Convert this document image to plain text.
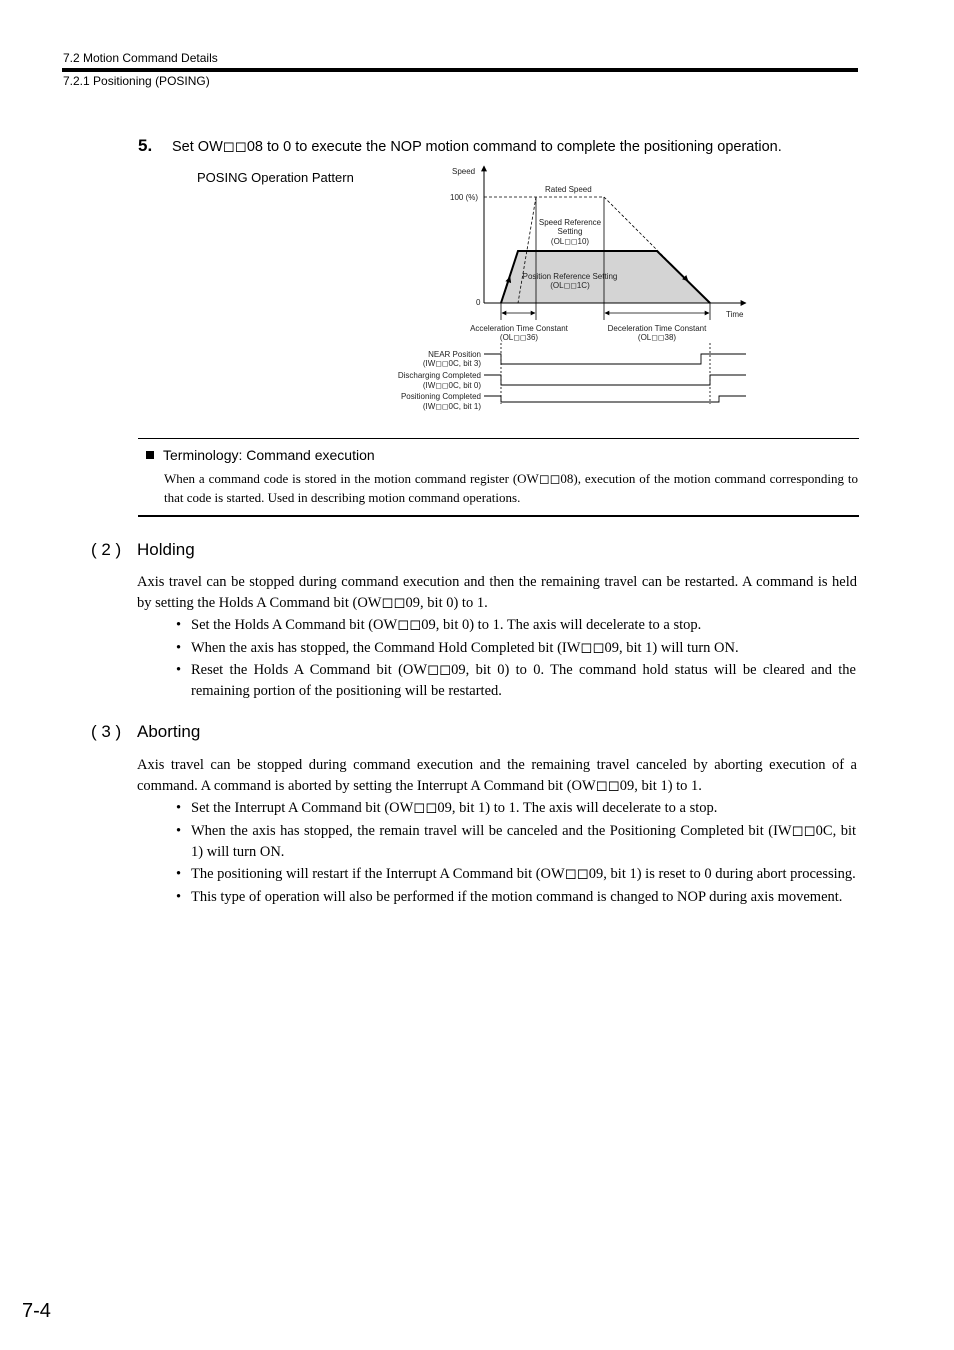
7.2 Motion Command Details
7.2.1 Positioning (POSING)
5. Set OW◻◻08 to 0 to execute the NOP motion command to complete the positioning operation.
POSING Operation Pattern	Speed
100 (%)
Rated Speed
0
Time
Speed Reference
Setting
(OL◻◻10)
Position Reference Setting
(OL◻◻1C)
Acceleration Time Constant
(OL◻◻36)
Deceleration Time Constant
(OL◻◻38)
NEAR Position
(IW◻◻0C, bit 3)
Discharging Completed
(IW◻◻0C, bit 0)
Positioning Completed
(IW◻◻0C, bit 1)
Terminology: Command execution
When a command code is stored in the motion command register (OW◻◻08), execution of the motion command corresponding to that code is started. Used in describing motion command operations.
( 2 ) Holding
Axis travel can be stopped during command execution and then the remaining travel can be restarted. A command is held by setting the Holds A Command bit (OW◻◻09, bit 0) to 1.
• Set the Holds A Command bit (OW◻◻09, bit 0) to 1. The axis will decelerate to a stop.
• When the axis has stopped, the Command Hold Completed bit (IW◻◻09, bit 1) will turn ON.
• Reset the Holds A Command bit (OW◻◻09, bit 0) to 0. The command hold status will be cleared and the remaining portion of the positioning will be restarted.
( 3 ) Aborting
Axis travel can be stopped during command execution and the remaining travel canceled by aborting execution of a command. A command is aborted by setting the Interrupt A Command bit (OW◻◻09, bit 1) to 1.
• Set the Interrupt A Command bit (OW◻◻09, bit 1) to 1. The axis will decelerate to a stop.
• When the axis has stopped, the remain travel will be canceled and the Positioning Completed bit (IW◻◻0C, bit 1) will turn ON.
• The positioning will restart if the Interrupt A Command bit (OW◻◻09, bit 1) is reset to 0 during abort processing.
• This type of operation will also be performed if the motion command is changed to NOP during axis movement.
7-4
